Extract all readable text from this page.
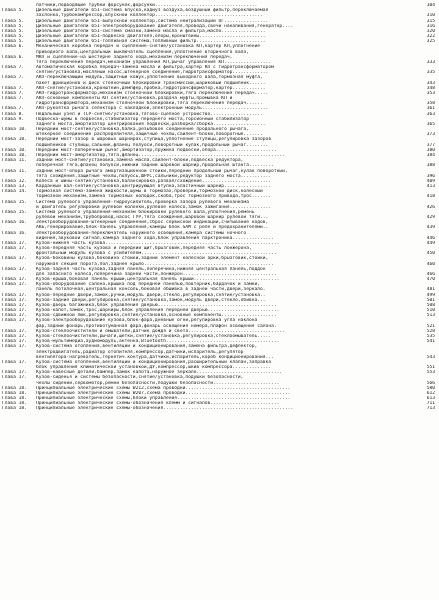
патчики,подводящие трубки форсунок,форсунки.....................................	304
Глава 5.	Дизельные двигатели 651-система впуска,кадиуз воздуха,воздушный фильтр,переключаемая
заслонка,турбокомпрессор,впускной коллектор.......................................	310
Глава 5.	Дизельные двигатели 651-выпускной коллектор,система нейтрализации ОГ................	315
Глава 5.	Дизельные двигатели 651-электрооборудование двигателя,провода,свечи накаливания,генератор....	316
Глава 5.	Дизельные двигатели 651-система смазки,замена масла и фильтра,масло................	320
Глава 5.	Дизельные двигатели 651-подвеска двигателя,опоры,кронштейны........................	322
Глава 5.	Дизельные двигатели 651-топливная система,топливный фильтр.........................	325
Глава 6.	Механическая коробка передач и сцепление-снятие/установка КП,картер КП,уплотнение
приводного вала,центральный выключатель сцепления,уплотнение вторичного вала,
Глава 6.	МКП и сцепление-на шестерне заднего хода,механизм переключения передач,
тяга переключения передач,механизм управления КП,рычаг управления КП.................	333
Глава 7.	Автоматическая коробка передач-замена масла и фильтра,картер КП с гидротрансформатором
снятие/установка,масляный насос,штекерное соединение,гидротрансформатор.............	335
Глава 7.	АКП-переключающий модуль,защитный кожух,уплотнение выходного вала,тормозная муфта,
пакет фрикционов и диск стояночный блокировки трансмиссии,шариковый подшипник......	343
Глава 7.	АКП-снятие/установка,кронштейн,демпфер,пробка,гидротрансформатор,картер............	348
Глава 7.	АКП-гидротрансформатор,механизм стояночной блокировки,тяга переключения передач.....	353
Глава 7.	АКП-основные компоненты КП снятие/установка,раздача муфты,промывка КП и
гидротрансформатора,механизм стояночной блокировки,тяга переключения передач......	358
Глава 7.	АКП-рукоятка рычага селектора с накладкой,электронный модуль........................	361
Глава 8.	Педальный узел и TCP-снятие/установка,тягово-сцепное устройство...................	363
Глава 9.	Подвеска-шумы в подвеске,стабилизатор переднего моста,торсионный стабилизатор
заднего моста,амортизатор центрирования подвески,разборка/сборка...................	365
Глава 10.	Передний мост-снятие/установка,балка,резьбовое соединение продольного рычага,
штекерное соединение распределителя,защитные чехлы,сайлент-блоки,поворотные.......	373
Глава 10.	Передний мост-зазор в шаровых шарнирах,ступица,уплотнение ступицы,регулировка зазоров
подшипников ступицы,сальник,фланец полуоси,поворотный кулак,продольный рычаг........	377
Глава 10.	Передний мост-поперечный рычаг,амортизатор,пружина подвески,опора......................	380
Глава 10.	Передний мост-амортизатор,тяга,фланец.....................................................	384
Глава 11.	Задний мост-снятие/установка,замена масла,сайлент-блоки,подвеска редуктора,
поперечная тяга,фланец полуоси,нижний задний шаровой шарнир,продольная штанга.........	388
Глава 11.	Задний мост-опора рычага амортизационной стойки,передний продольный рычаг,кулак поворотный,
тяга схождения,защитные чехлы,полуось,ШРУС,сальники,редуктор заднего моста...........	396
Глава 12.	Колеса и шины-снятие/установка,балансировка,развал/схождение.........................	409
Глава 13.	Карданный вал-снятие/установка,центрирующая втулка,эластичный шарнир.................	413
Глава 14.	Тормозная система-замена жидкости,шумы в тормозах,проверки,тормозной диск,колесный
тормозной механизм,замена тормозных колодок,скоба,трос тормозного привода,трос.......	418
Глава 15.	Система рулевого управления-гидроусилитель,проверка зазора рулевого механизма
и двигатель регулировки рулевой колонки,рулевое колесо,замок зажигания...............	426
Глава 15.	Система рулевого управления-механизм блокировки рулевого вала,уплотнения,ремень
рулевой механизм,трубопровод,насос ГУР,тяга схождения,шаровой шарнир рулевой тяги...	429
Глава 16.	Электрооборудование-штекерные соединения,сброс сервисной индикации,считывание кодов,
АКБ,генерирование,блок-панель управления,камеры блок SAM с реле и предохранителями..	439
Глава 16.	Электрооборудование-переключатель наружного освещения,камера системы ночного
видения,звуковой сигнал,камера заднего хода,блок управления парктроника...............	446
Глава 17.	Кузов-нижняя часть кузова...............................................................	449
Глава 17.	Кузов-передняя часть кузова и передний щит,брызговик,передняя часть лонжерона,
фронтальный модуль кузова с усилителем.................................................	450
Глава 17.	Кузов-боковины кузова,боковина стойки,задний элемент колесной арки,брызговик,стойки,
наружная секция порога,пол,заднее крыло...............................................	460
Глава 17.	Кузов-задняя часть кузова,задняя панель,поперечина,нижняя центральная панель,поддон
для запасного колеса,поперечина задней части,лонжерон..................................	466
Глава 17.	Кузов-крыша,боковая панель крыши,центральная панель крыши...............................	470
Глава 17.	Кузов-оборудование салона,крышка под передней панелью,повторник,бардачок и замки,
панель потолочная,центральная консоль,боковая обшивка в задней части,двери,зеркало.	481
Глава 17.	Кузов-передние двери,замок,ручки,модуль двери,стекло,регулировка,снятие/установка..	499
Глава 17.	Кузов-задние двери,регулировка,снятие/установка,замок,модуль двери,стекло,обивка...	501
Глава 17.	Кузов-дверь багажника,блок управления дверью...........................................	508
Глава 17.	Кузов-капот,замок,трос,шарниры,блок управления передней дверью..........................	510
Глава 17.	Кузов-сдвижной люк,регулировка,снятие/установка,основные компоненты....................	513
Глава 17.	Кузов-электрооборудование кузова,блок-фара,дневные огни,регулировка угла наклона
фар,задний фонарь,противотуманная фара,фонарь освещения номера,плафон освещения салона.	521
Глава 17.	Кузов-стеклоочистители и омыватели,датчик дождя и света...................................	528
Глава 17.	Кузов-стеклоочистители,рычаги,щетки,снятие/установка,регулировка,стеклоомыватель.....	535
Глава 17.	Кузов-мультимедиа,аудиомодуль,антенна,Bluetooth.........................................	541
Глава 17.	Кузов-система отопления,вентиляции и кондиционирования,замена фильтра,дефлектор,
электродвигатель,радиатор отопителя,компрессор,датчики,испаритель,регулятор
вентилятора-нагреватель,гернетич.контура,датчики,испаритель,короб кондиционирования...	543
Глава 17.	Кузов-система отопления,вентиляции и кондиционирования,расширительный клапан,заправка
блок управления климатической установкой,ДУ,компрессор,шкив компрессора..............	551
Глава 17.	Кузов-навесные детали,бампер,замок капота,наружное зеркало...............................	553
Глава 17.	Кузов-сиденья и системы безопасности,снятие/установка,подушки безопасности,
чехлы сидений,сервомотор,ремни безопасности,подушки безопасности........................	566
Глава 18.	Принципиальные электрические схемы W212,схема проводки......................................	580
Глава 18.	Принципиальные электрические схемы W207,схема проводки......................................	612
Глава 18.	Принципиальные электрические схемы,блоки управления.........................................	613
Глава 18.	Принципиальные электрические схемы-обозначения клемм и сигналов.........................	711
Глава 18.	Принципиальные электрические схемы-обозначения...............................................	713
